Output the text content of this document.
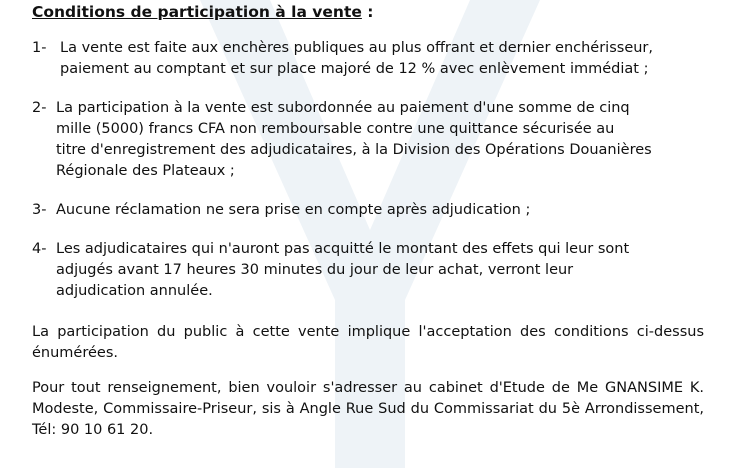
Conditions de participation à la vente :
1- La vente est faite aux enchères publiques au plus offrant et dernier enchérisseur,
paiement au comptant et sur place majoré de 12 % avec enlèvement immédiat ;
2- La participation à la vente est subordonnée au paiement d'une somme de cinq
mille (5000) francs CFA non remboursable contre une quittance sécurisée au
titre d'enregistrement des adjudicataires, à la Division des Opérations Douanières
Régionale des Plateaux ;
3- Aucune réclamation ne sera prise en compte après adjudication ;
4- Les adjudicataires qui n'auront pas acquitté le montant des effets qui leur sont
adjugés avant 17 heures 30 minutes du jour de leur achat, verront leur
adjudication annulée.
La participation du public à cette vente implique l'acceptation des conditions ci-dessus
énumérées.
Pour tout renseignement, bien vouloir s'adresser au cabinet d'Etude de Me GNANSIME K.
Modeste, Commissaire-Priseur, sis à Angle Rue Sud du Commissariat du 5è Arrondissement,
Tél: 90 10 61 20.
